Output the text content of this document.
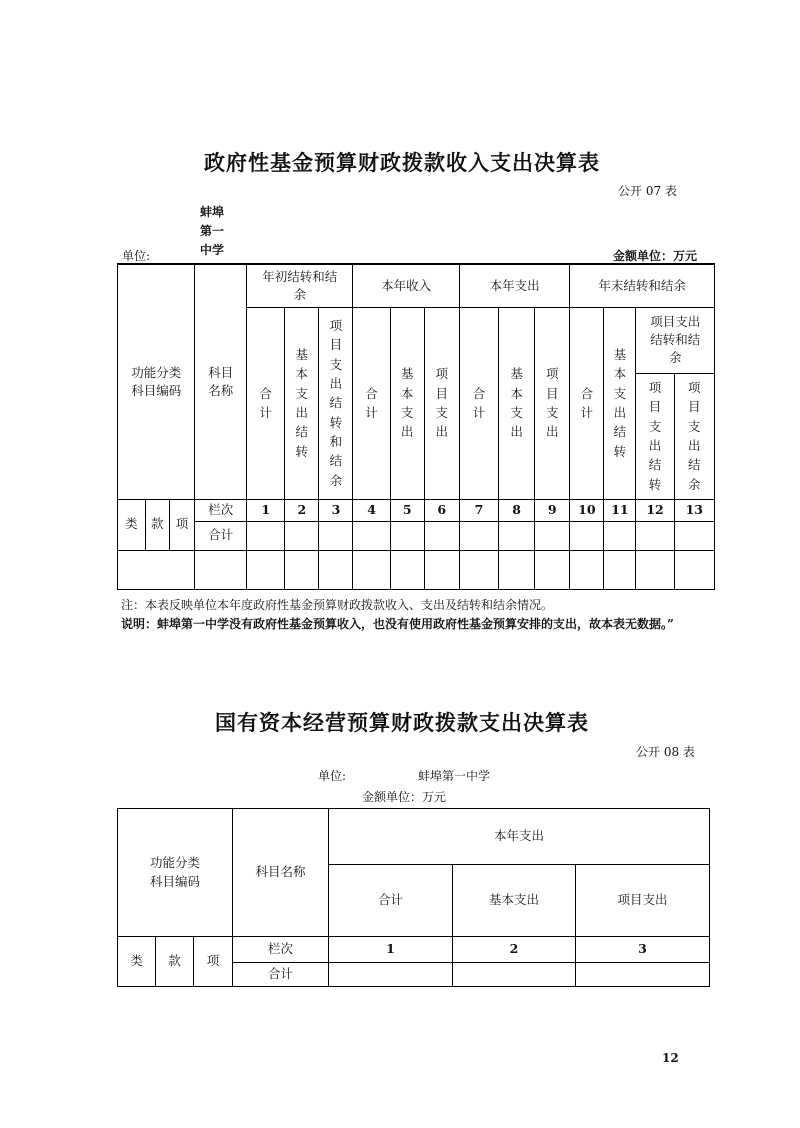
政府性基金预算财政拨款收入支出决算表
公开 07 表
蚌埠第一中学
单位:	金额单位：万元
功能分类科目编码			科目名称	年初结转和结余			本年收入			本年支出			年末结转和结余			
				合计	基本支出结转	项目支出结转和结余	合计	基本支出	项目支出	合计	基本支出	项目支出	合计	基本支出结转	项目支出结转和结余	
															项目支出结转	项目支出结余
类	款	项	栏次	1	2	3	4	5	6	7	8	9	10	11	12	13
			合计													

注：本表反映单位本年度政府性基金预算财政拨款收入、支出及结转和结余情况。
说明：蚌埠第一中学没有政府性基金预算收入，也没有使用政府性基金预算安排的支出，故本表无数据。”
国有资本经营预算财政拨款支出决算表
公开 08 表
单位:	蚌埠第一中学
金额单位：万元
功能分类
科目编码			科目名称	本年支出		
				合计	基本支出	项目支出
类	款	项	栏次	1	2	3
			合计			
12
